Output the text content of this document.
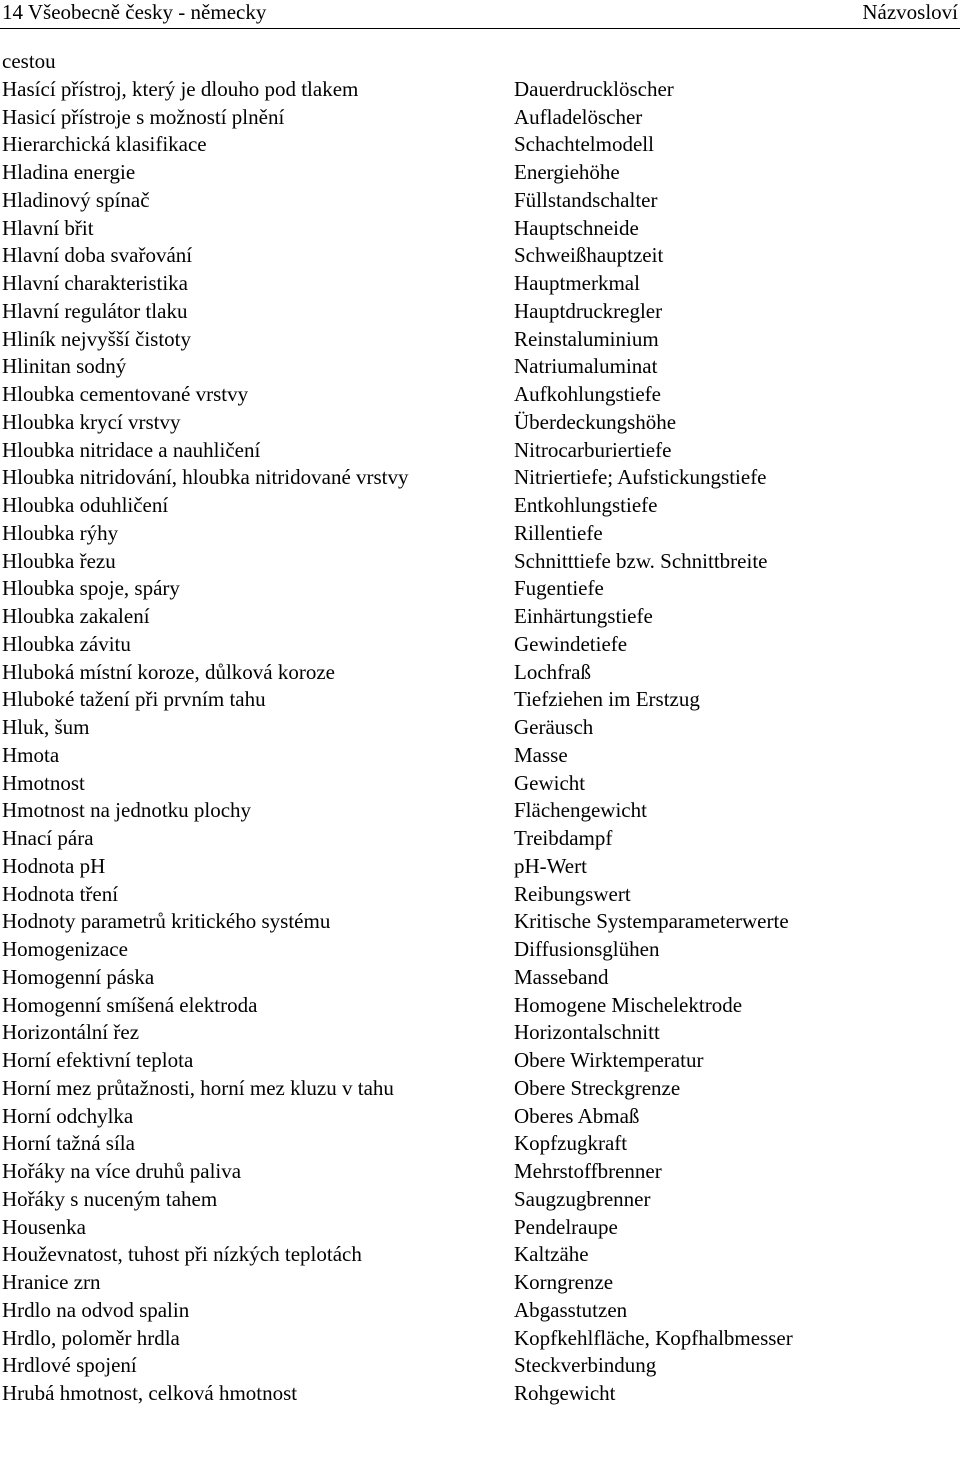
14 Všeobecně česky - německy	Názvosloví
cestou
Hasící přístroj, který je dlouho pod tlakem	Dauerdrucklöscher
Hasicí přístroje s možností plnění	Aufladelöscher
Hierarchická klasifikace	Schachtelmodell
Hladina energie	Energiehöhe
Hladinový spínač	Füllstandschalter
Hlavní břit	Hauptschneide
Hlavní doba svařování	Schweißhauptzeit
Hlavní charakteristika	Hauptmerkmal
Hlavní regulátor tlaku	Hauptdruckregler
Hliník nejvyšší čistoty	Reinstaluminium
Hlinitan sodný	Natriumaluminat
Hloubka cementované vrstvy	Aufkohlungstiefe
Hloubka krycí vrstvy	Überdeckungshöhe
Hloubka nitridace a nauhličení	Nitrocarburiertiefe
Hloubka nitridování, hloubka nitridované vrstvy	Nitriertiefe; Aufstickungstiefe
Hloubka oduhličení	Entkohlungstiefe
Hloubka rýhy	Rillentiefe
Hloubka řezu	Schnitttiefe bzw. Schnittbreite
Hloubka spoje, spáry	Fugentiefe
Hloubka zakalení	Einhärtungstiefe
Hloubka závitu	Gewindetiefe
Hluboká místní koroze, důlková koroze	Lochfraß
Hluboké tažení při prvním tahu	Tiefziehen im Erstzug
Hluk, šum	Geräusch
Hmota	Masse
Hmotnost	Gewicht
Hmotnost na jednotku plochy	Flächengewicht
Hnací pára	Treibdampf
Hodnota pH	pH-Wert
Hodnota tření	Reibungswert
Hodnoty parametrů kritického systému	Kritische Systemparameterwerte
Homogenizace	Diffusionsglühen
Homogenní páska	Masseband
Homogenní smíšená elektroda	Homogene Mischelektrode
Horizontální řez	Horizontalschnitt
Horní efektivní teplota	Obere Wirktemperatur
Horní mez průtažnosti, horní mez kluzu v tahu	Obere Streckgrenze
Horní odchylka	Oberes Abmaß
Horní tažná síla	Kopfzugkraft
Hořáky na více druhů paliva	Mehrstoffbrenner
Hořáky s nuceným tahem	Saugzugbrenner
Housenka	Pendelraupe
Houževnatost, tuhost při nízkých teplotách	Kaltzähe
Hranice zrn	Korngrenze
Hrdlo na odvod spalin	Abgasstutzen
Hrdlo, poloměr hrdla	Kopfkehlfläche, Kopfhalbmesser
Hrdlové spojení	Steckverbindung
Hrubá hmotnost, celková hmotnost	Rohgewicht
